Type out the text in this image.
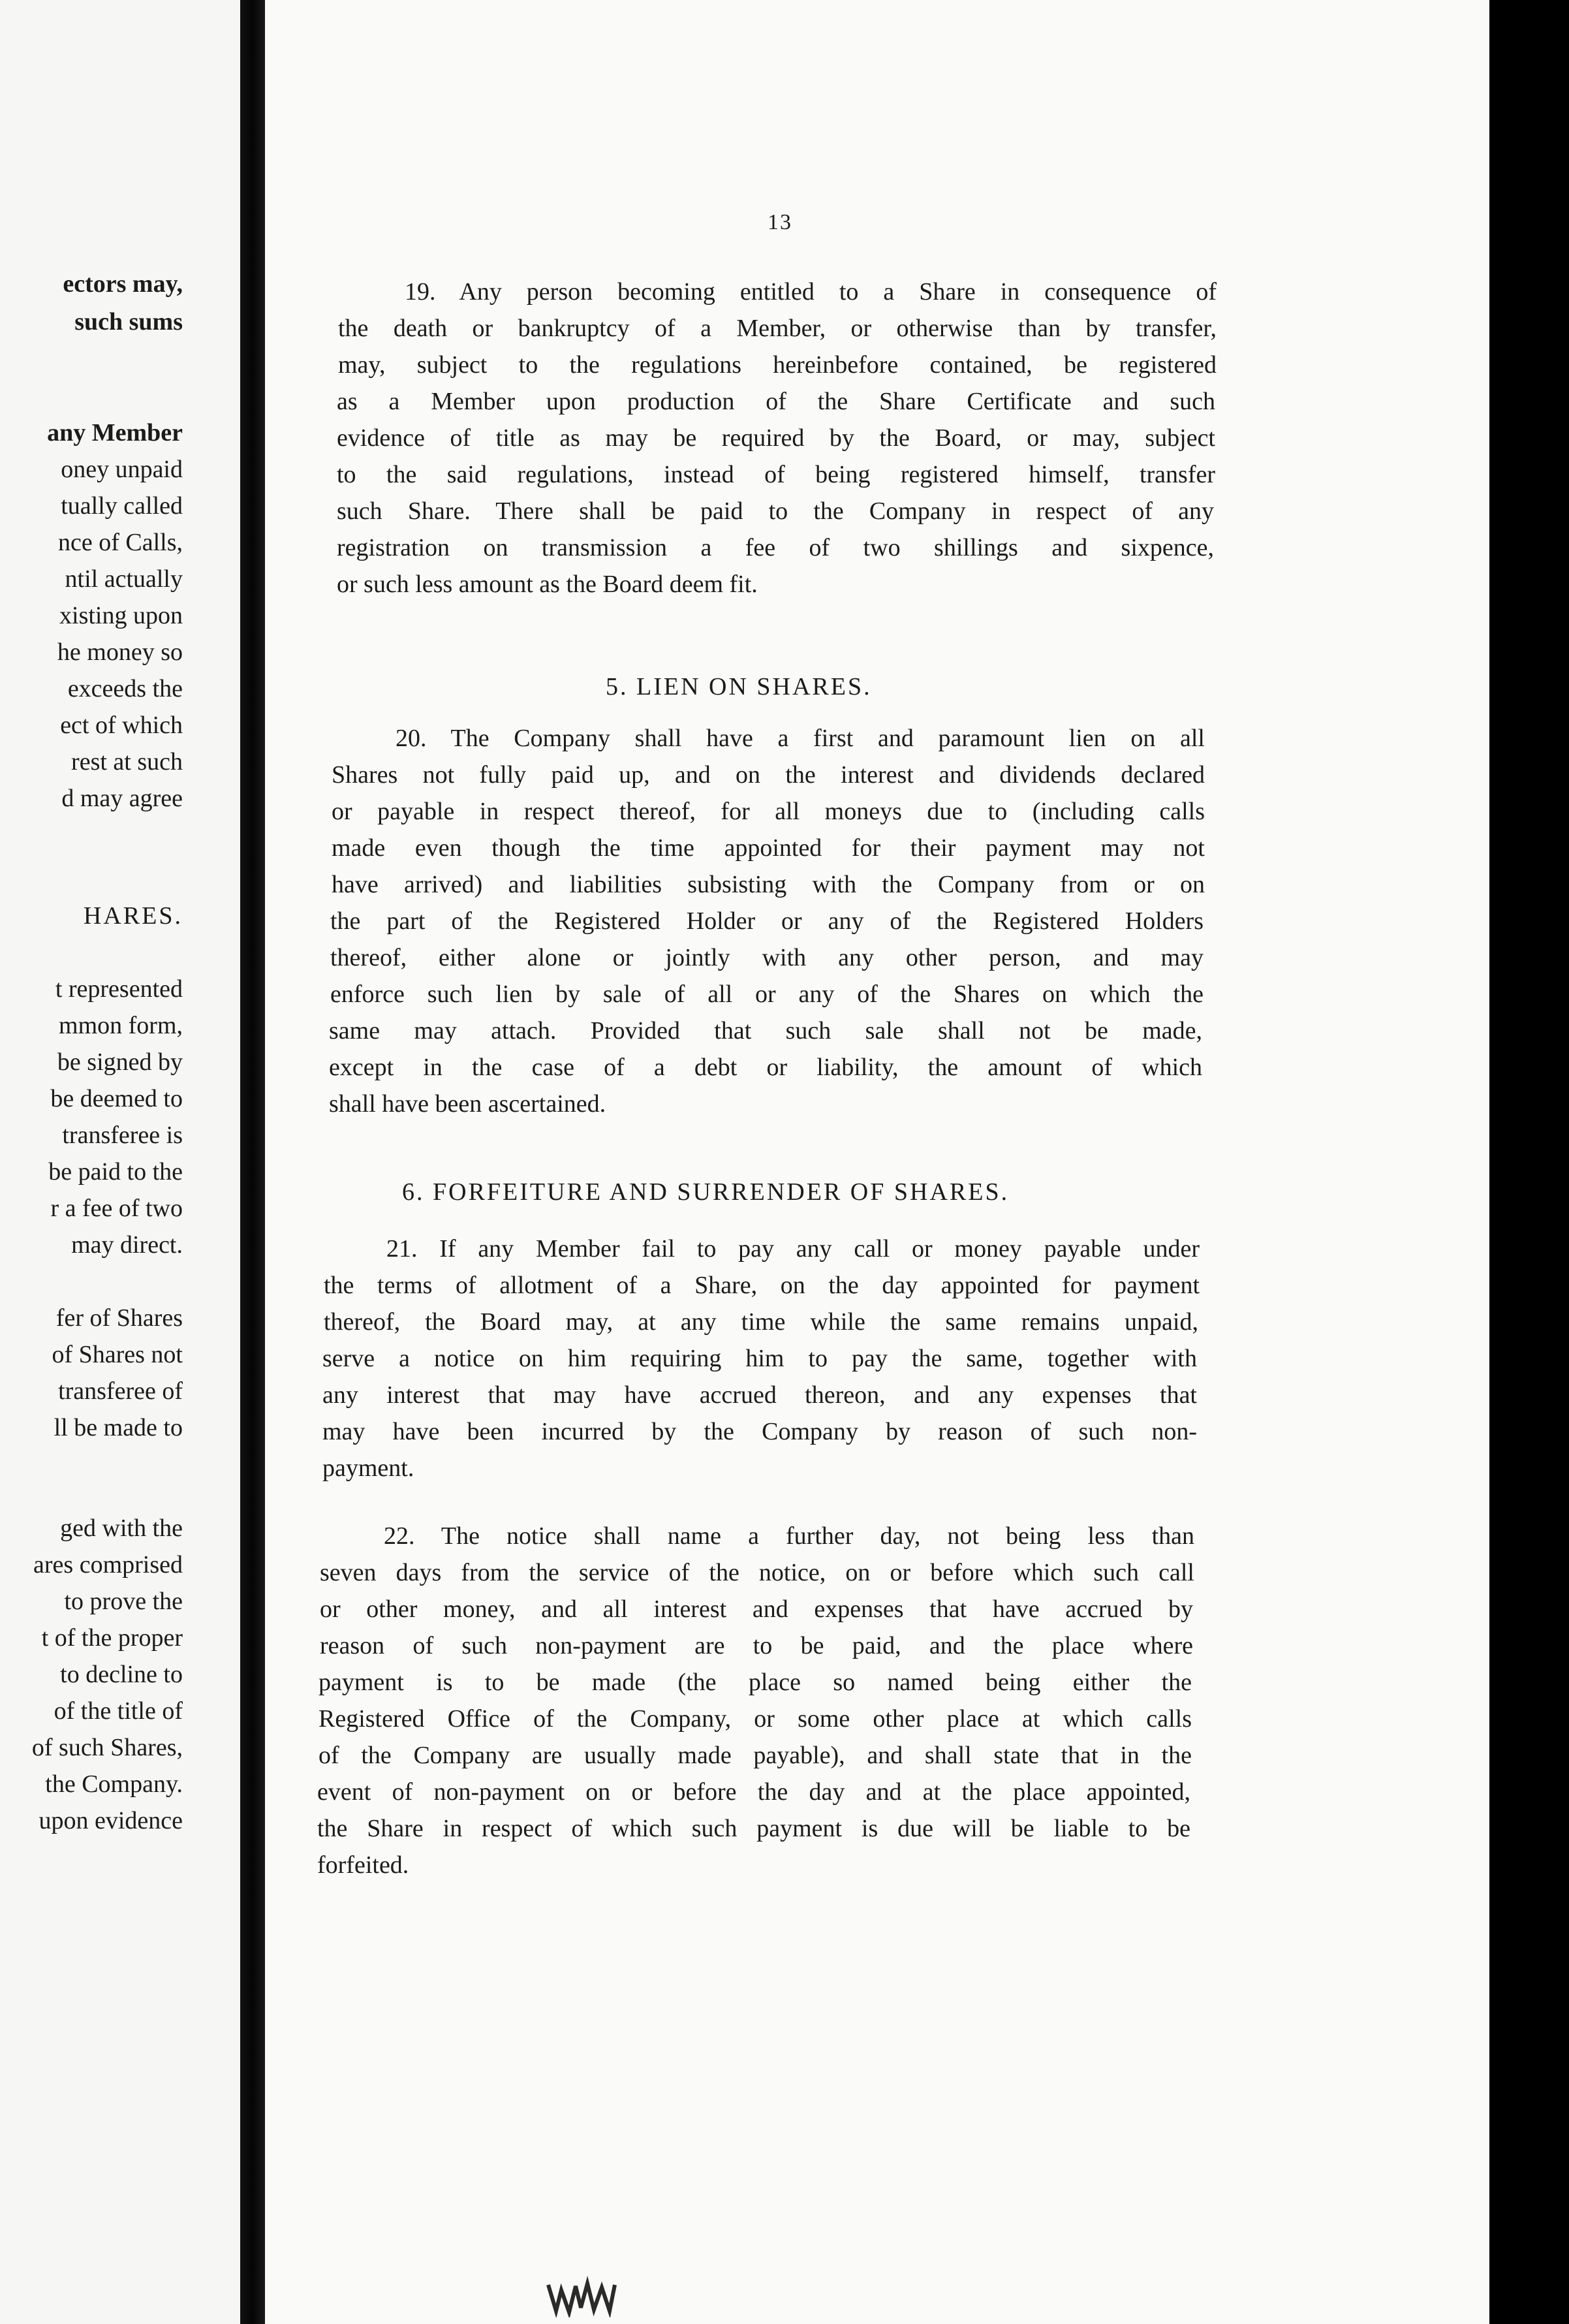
ectors may,
such sums
any Member
oney unpaid
tually called
nce of Calls,
ntil actually
xisting upon
he money so
exceeds the
ect of which
rest at such
d may agree
HARES.
t represented
mmon form,
be signed by
be deemed to
transferee is
be paid to the
r a fee of two
may direct.
fer of Shares
of Shares not
transferee of
ll be made to
ged with the
ares comprised
to prove the
t of the proper
to decline to
of the title of
of such Shares,
the Company.
upon evidence
13
19. Any person becoming entitled to a Share in consequence of
the death or bankruptcy of a Member, or otherwise than by transfer,
may, subject to the regulations hereinbefore contained, be registered
as a Member upon production of the Share Certificate and such
evidence of title as may be required by the Board, or may, subject
to the said regulations, instead of being registered himself, transfer
such Share. There shall be paid to the Company in respect of any
registration on transmission a fee of two shillings and sixpence,
or such less amount as the Board deem fit.
5. LIEN ON SHARES.
20. The Company shall have a first and paramount lien on all
Shares not fully paid up, and on the interest and dividends declared
or payable in respect thereof, for all moneys due to (including calls
made even though the time appointed for their payment may not
have arrived) and liabilities subsisting with the Company from or on
the part of the Registered Holder or any of the Registered Holders
thereof, either alone or jointly with any other person, and may
enforce such lien by sale of all or any of the Shares on which the
same may attach. Provided that such sale shall not be made,
except in the case of a debt or liability, the amount of which
shall have been ascertained.
6. FORFEITURE AND SURRENDER OF SHARES.
21. If any Member fail to pay any call or money payable under
the terms of allotment of a Share, on the day appointed for payment
thereof, the Board may, at any time while the same remains unpaid,
serve a notice on him requiring him to pay the same, together with
any interest that may have accrued thereon, and any expenses that
may have been incurred by the Company by reason of such non-
payment.
22. The notice shall name a further day, not being less than
seven days from the service of the notice, on or before which such call
or other money, and all interest and expenses that have accrued by
reason of such non-payment are to be paid, and the place where
payment is to be made (the place so named being either the
Registered Office of the Company, or some other place at which calls
of the Company are usually made payable), and shall state that in the
event of non-payment on or before the day and at the place appointed,
the Share in respect of which such payment is due will be liable to be
forfeited.
